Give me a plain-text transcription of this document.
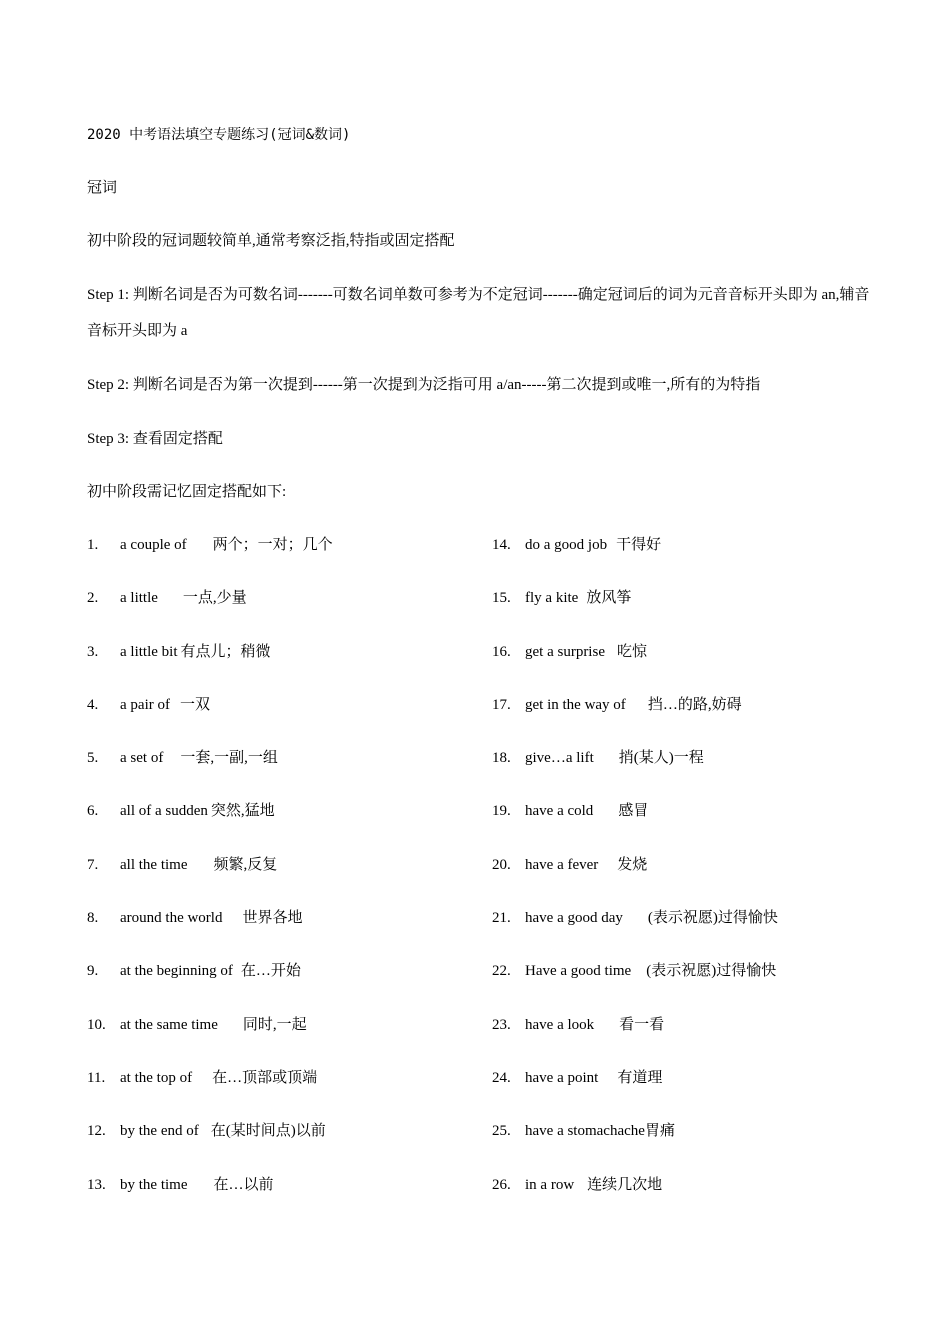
2020 中考语法填空专题练习(冠词&数词)
冠词
初中阶段的冠词题较简单,通常考察泛指,特指或固定搭配
Step 1: 判断名词是否为可数名词-------可数名词单数可参考为不定冠词-------确定冠词后的词为元音音标开头即为 an,辅音音标开头即为 a
Step 2: 判断名词是否为第一次提到------第一次提到为泛指可用 a/an-----第二次提到或唯一,所有的为特指
Step 3: 查看固定搭配
初中阶段需记忆固定搭配如下:
1. a couple of 两个；一对；几个
2. a little 一点,少量
3. a little bit 有点儿；稍微
4. a pair of 一双
5. a set of 一套,一副,一组
6. all of a sudden 突然,猛地
7. all the time 频繁,反复
8. around the world 世界各地
9. at the beginning of 在…开始
10. at the same time 同时,一起
11. at the top of 在…顶部或顶端
12. by the end of 在(某时间点)以前
13. by the time 在…以前
14. do a good job 干得好
15. fly a kite 放风筝
16. get a surprise 吃惊
17. get in the way of 挡…的路,妨碍
18. give…a lift 捎(某人)一程
19. have a cold 感冒
20. have a fever 发烧
21. have a good day (表示祝愿)过得愉快
22. Have a good time (表示祝愿)过得愉快
23. have a look 看一看
24. have a point 有道理
25. have a stomachache胃痛
26. in a row 连续几次地
